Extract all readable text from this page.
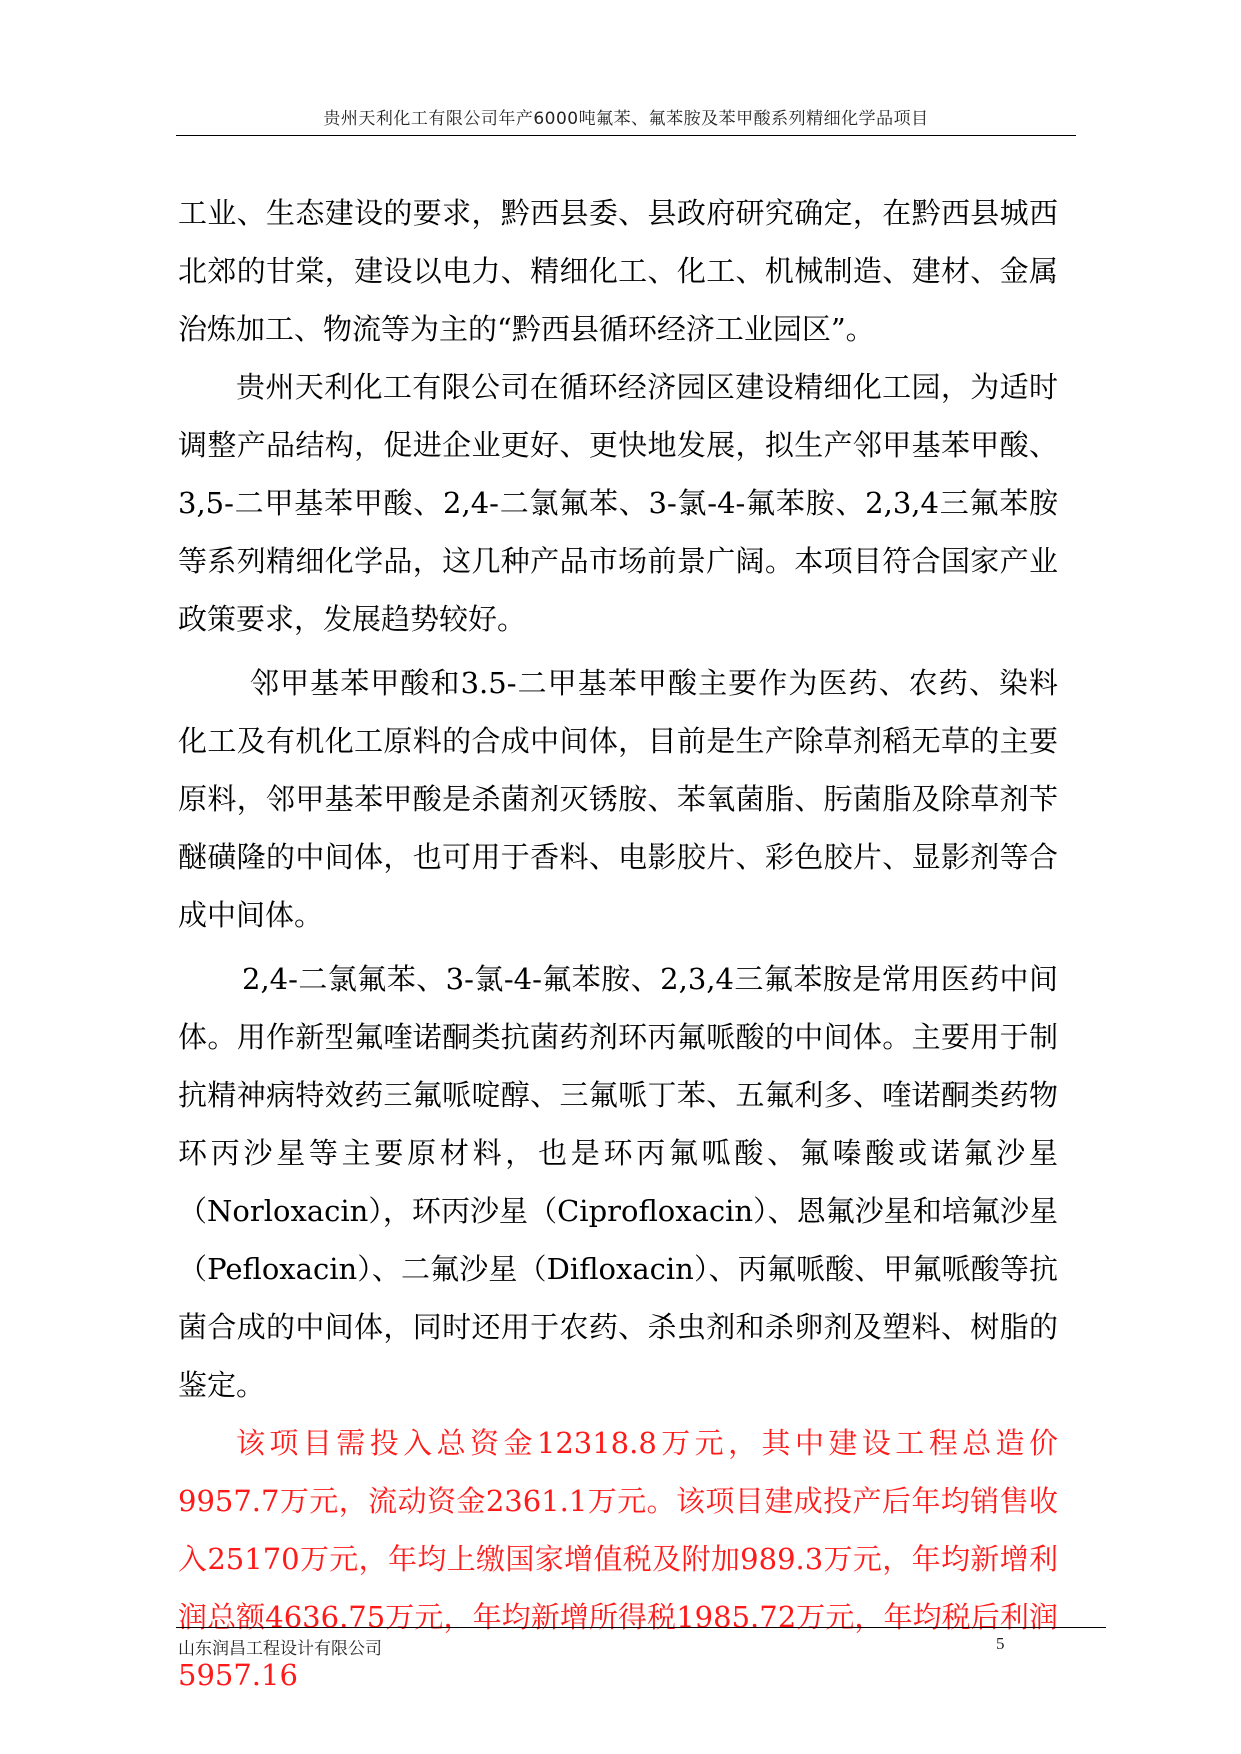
贵州天利化工有限公司年产6000吨氟苯、氟苯胺及苯甲酸系列精细化学品项目

工业、生态建设的要求，黔西县委、县政府研究确定，在黔西县城西北郊的甘棠，建设以电力、精细化工、化工、机械制造、建材、金属治炼加工、物流等为主的“黔西县循环经济工业园区”。

贵州天利化工有限公司在循环经济园区建设精细化工园，为适时调整产品结构，促进企业更好、更快地发展，拟生产邻甲基苯甲酸、3,5-二甲基苯甲酸、2,4-二氯氟苯、3-氯-4-氟苯胺、2,3,4三氟苯胺等系列精细化学品，这几种产品市场前景广阔。本项目符合国家产业政策要求，发展趋势较好。

邻甲基苯甲酸和3.5-二甲基苯甲酸主要作为医药、农药、染料化工及有机化工原料的合成中间体，目前是生产除草剂稻无草的主要原料，邻甲基苯甲酸是杀菌剂灭锈胺、苯氧菌脂、肟菌脂及除草剂苄醚磺隆的中间体，也可用于香料、电影胶片、彩色胶片、显影剂等合成中间体。

2,4-二氯氟苯、3-氯-4-氟苯胺、2,3,4三氟苯胺是常用医药中间体。用作新型氟喹诺酮类抗菌药剂环丙氟哌酸的中间体。主要用于制抗精神病特效药三氟哌啶醇、三氟哌丁苯、五氟利多、喹诺酮类药物环丙沙星等主要原材料，也是环丙氟呱酸、氟嗪酸或诺氟沙星（Norloxacin），环丙沙星（Ciprofloxacin）、恩氟沙星和培氟沙星（Pefloxacin）、二氟沙星（Difloxacin）、丙氟哌酸、甲氟哌酸等抗菌合成的中间体，同时还用于农药、杀虫剂和杀卵剂及塑料、树脂的鉴定。

该项目需投入总资金12318.8万元，其中建设工程总造价9957.7万元，流动资金2361.1万元。该项目建成投产后年均销售收入25170万元，年均上缴国家增值税及附加989.3万元，年均新增利润总额4636.75万元，年均新增所得税1985.72万元，年均税后利润5957.16

山东润昌工程设计有限公司	5
